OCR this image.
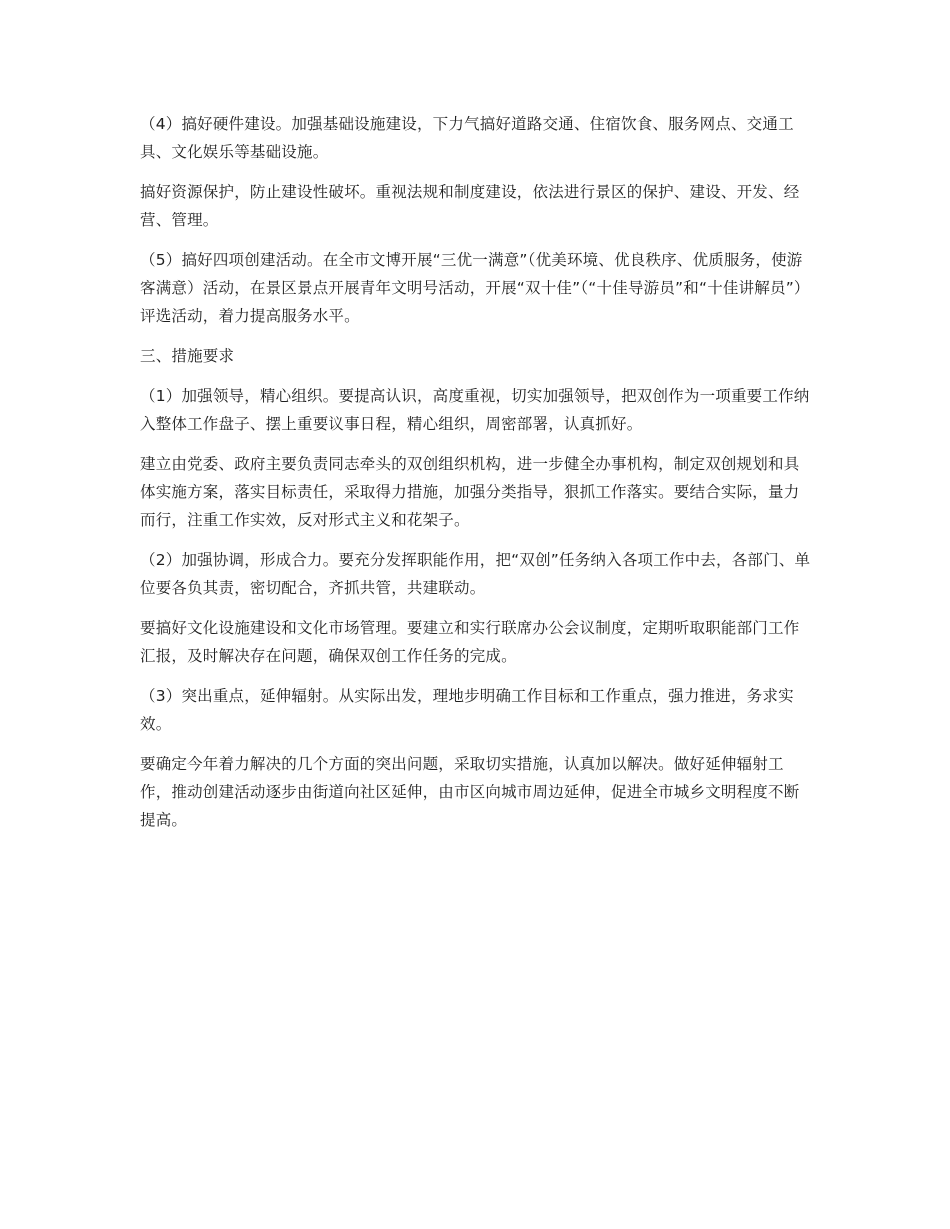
（4）搞好硬件建设。加强基础设施建设，下力气搞好道路交通、住宿饮食、服务网点、交通工具、文化娱乐等基础设施。

搞好资源保护，防止建设性破坏。重视法规和制度建设，依法进行景区的保护、建设、开发、经营、管理。

（5）搞好四项创建活动。在全市文博开展“三优一满意”（优美环境、优良秩序、优质服务，使游客满意）活动，在景区景点开展青年文明号活动，开展“双十佳”（“十佳导游员”和“十佳讲解员”）评选活动，着力提高服务水平。

三、措施要求

（1）加强领导，精心组织。要提高认识，高度重视，切实加强领导，把双创作为一项重要工作纳入整体工作盘子、摆上重要议事日程，精心组织，周密部署，认真抓好。

建立由党委、政府主要负责同志牵头的双创组织机构，进一步健全办事机构，制定双创规划和具体实施方案，落实目标责任，采取得力措施，加强分类指导，狠抓工作落实。要结合实际，量力而行，注重工作实效，反对形式主义和花架子。

（2）加强协调，形成合力。要充分发挥职能作用，把“双创”任务纳入各项工作中去，各部门、单位要各负其责，密切配合，齐抓共管，共建联动。

要搞好文化设施建设和文化市场管理。要建立和实行联席办公会议制度，定期听取职能部门工作汇报，及时解决存在问题，确保双创工作任务的完成。

（3）突出重点，延伸辐射。从实际出发，理地步明确工作目标和工作重点，强力推进，务求实效。

要确定今年着力解决的几个方面的突出问题，采取切实措施，认真加以解决。做好延伸辐射工作，推动创建活动逐步由街道向社区延伸，由市区向城市周边延伸，促进全市城乡文明程度不断提高。
